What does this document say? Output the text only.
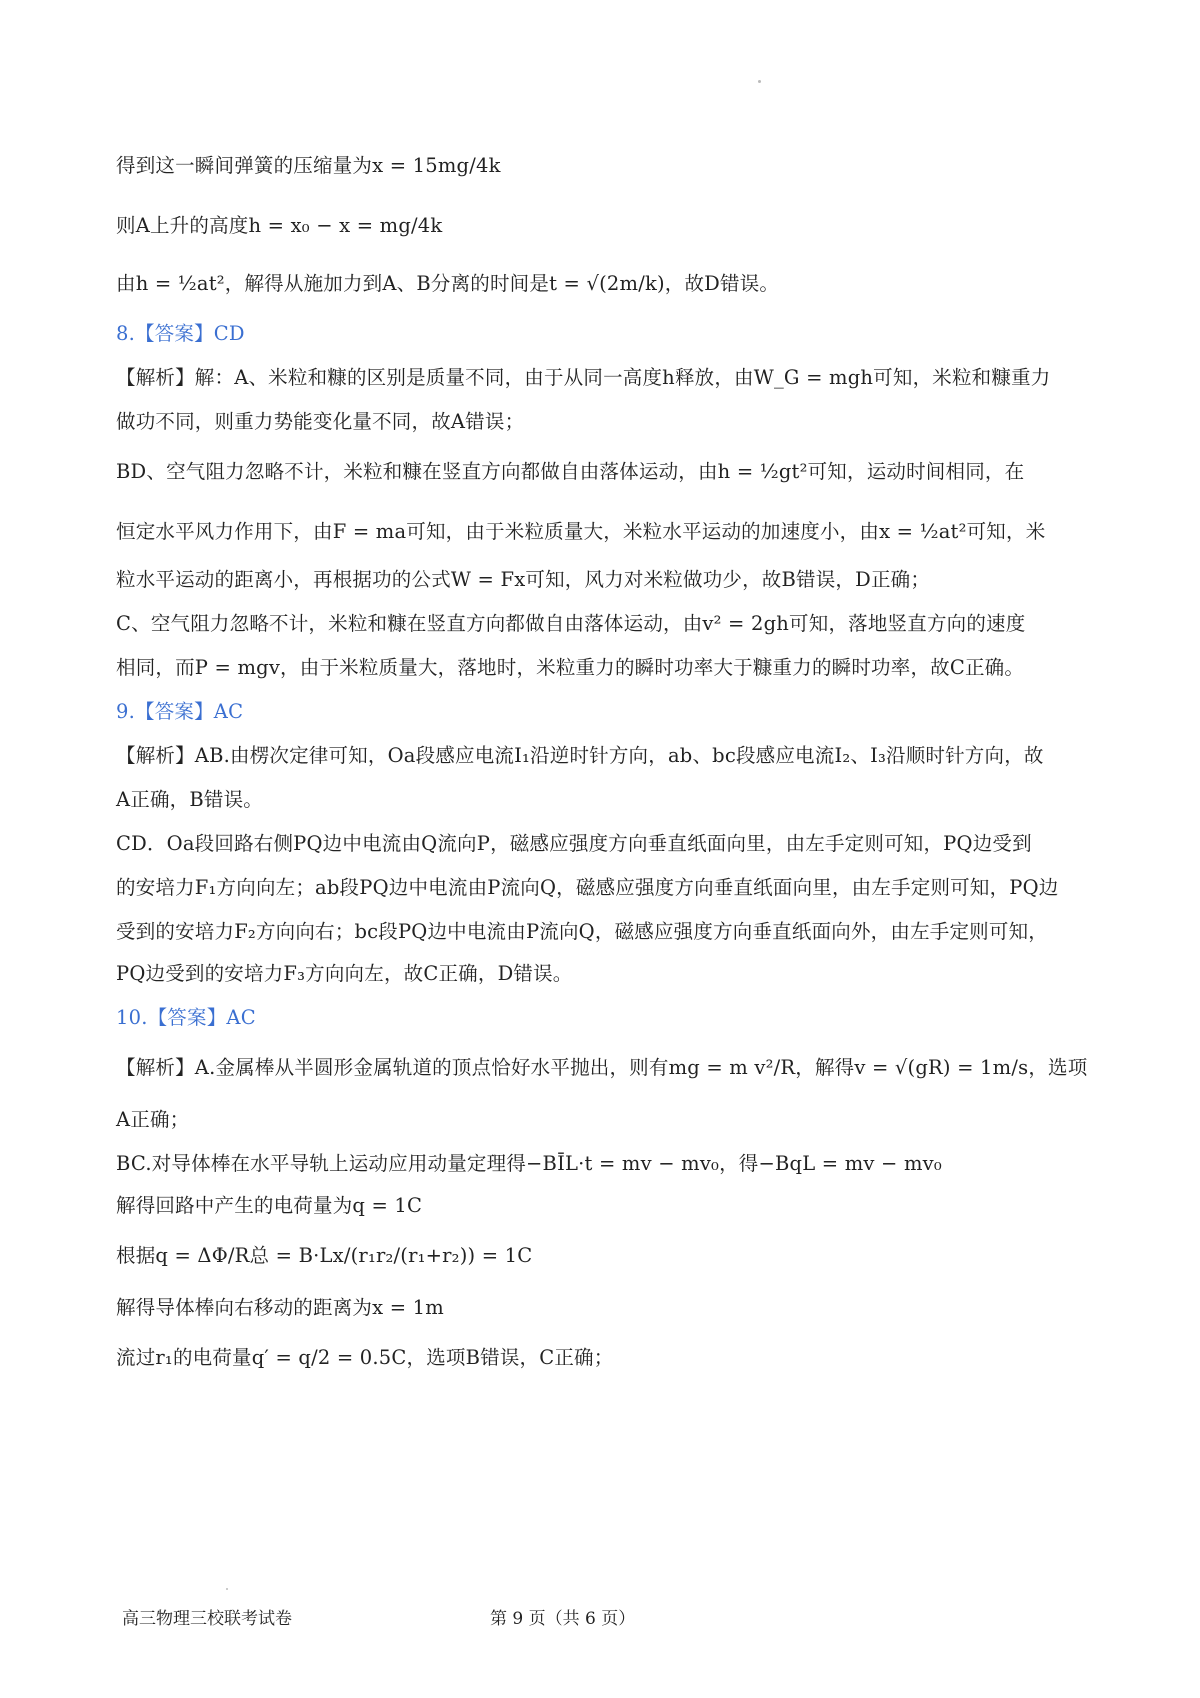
得到这一瞬间弹簧的压缩量为x = 15mg/4k
则A上升的高度h = x₀ − x = mg/4k
由h = ½at²，解得从施加力到A、B分离的时间是t = √(2m/k)，故D错误。
8.【答案】CD
【解析】解：A、米粒和糠的区别是质量不同，由于从同一高度h释放，由W_G = mgh可知，米粒和糠重力
做功不同，则重力势能变化量不同，故A错误；
BD、空气阻力忽略不计，米粒和糠在竖直方向都做自由落体运动，由h = ½gt²可知，运动时间相同，在
恒定水平风力作用下，由F = ma可知，由于米粒质量大，米粒水平运动的加速度小，由x = ½at²可知，米
粒水平运动的距离小，再根据功的公式W = Fx可知，风力对米粒做功少，故B错误，D正确；
C、空气阻力忽略不计，米粒和糠在竖直方向都做自由落体运动，由v² = 2gh可知，落地竖直方向的速度
相同，而P = mgv，由于米粒质量大，落地时，米粒重力的瞬时功率大于糠重力的瞬时功率，故C正确。
9.【答案】AC
【解析】AB.由楞次定律可知，Oa段感应电流I₁沿逆时针方向，ab、bc段感应电流I₂、I₃沿顺时针方向，故
A正确，B错误。
CD．Oa段回路右侧PQ边中电流由Q流向P，磁感应强度方向垂直纸面向里，由左手定则可知，PQ边受到
的安培力F₁方向向左；ab段PQ边中电流由P流向Q，磁感应强度方向垂直纸面向里，由左手定则可知，PQ边
受到的安培力F₂方向向右；bc段PQ边中电流由P流向Q，磁感应强度方向垂直纸面向外，由左手定则可知，
PQ边受到的安培力F₃方向向左，故C正确，D错误。
10.【答案】AC
【解析】A.金属棒从半圆形金属轨道的顶点恰好水平抛出，则有mg = m v²/R，解得v = √(gR) = 1m/s，选项
A正确；
BC.对导体棒在水平导轨上运动应用动量定理得−BĪL·t = mv − mv₀，得−BqL = mv − mv₀
解得回路中产生的电荷量为q = 1C
根据q = ΔΦ/R总 = B·Lx/(r₁r₂/(r₁+r₂)) = 1C
解得导体棒向右移动的距离为x = 1m
流过r₁的电荷量q′ = q/2 = 0.5C，选项B错误，C正确；
高三物理三校联考试卷	第 9 页（共 6 页）
